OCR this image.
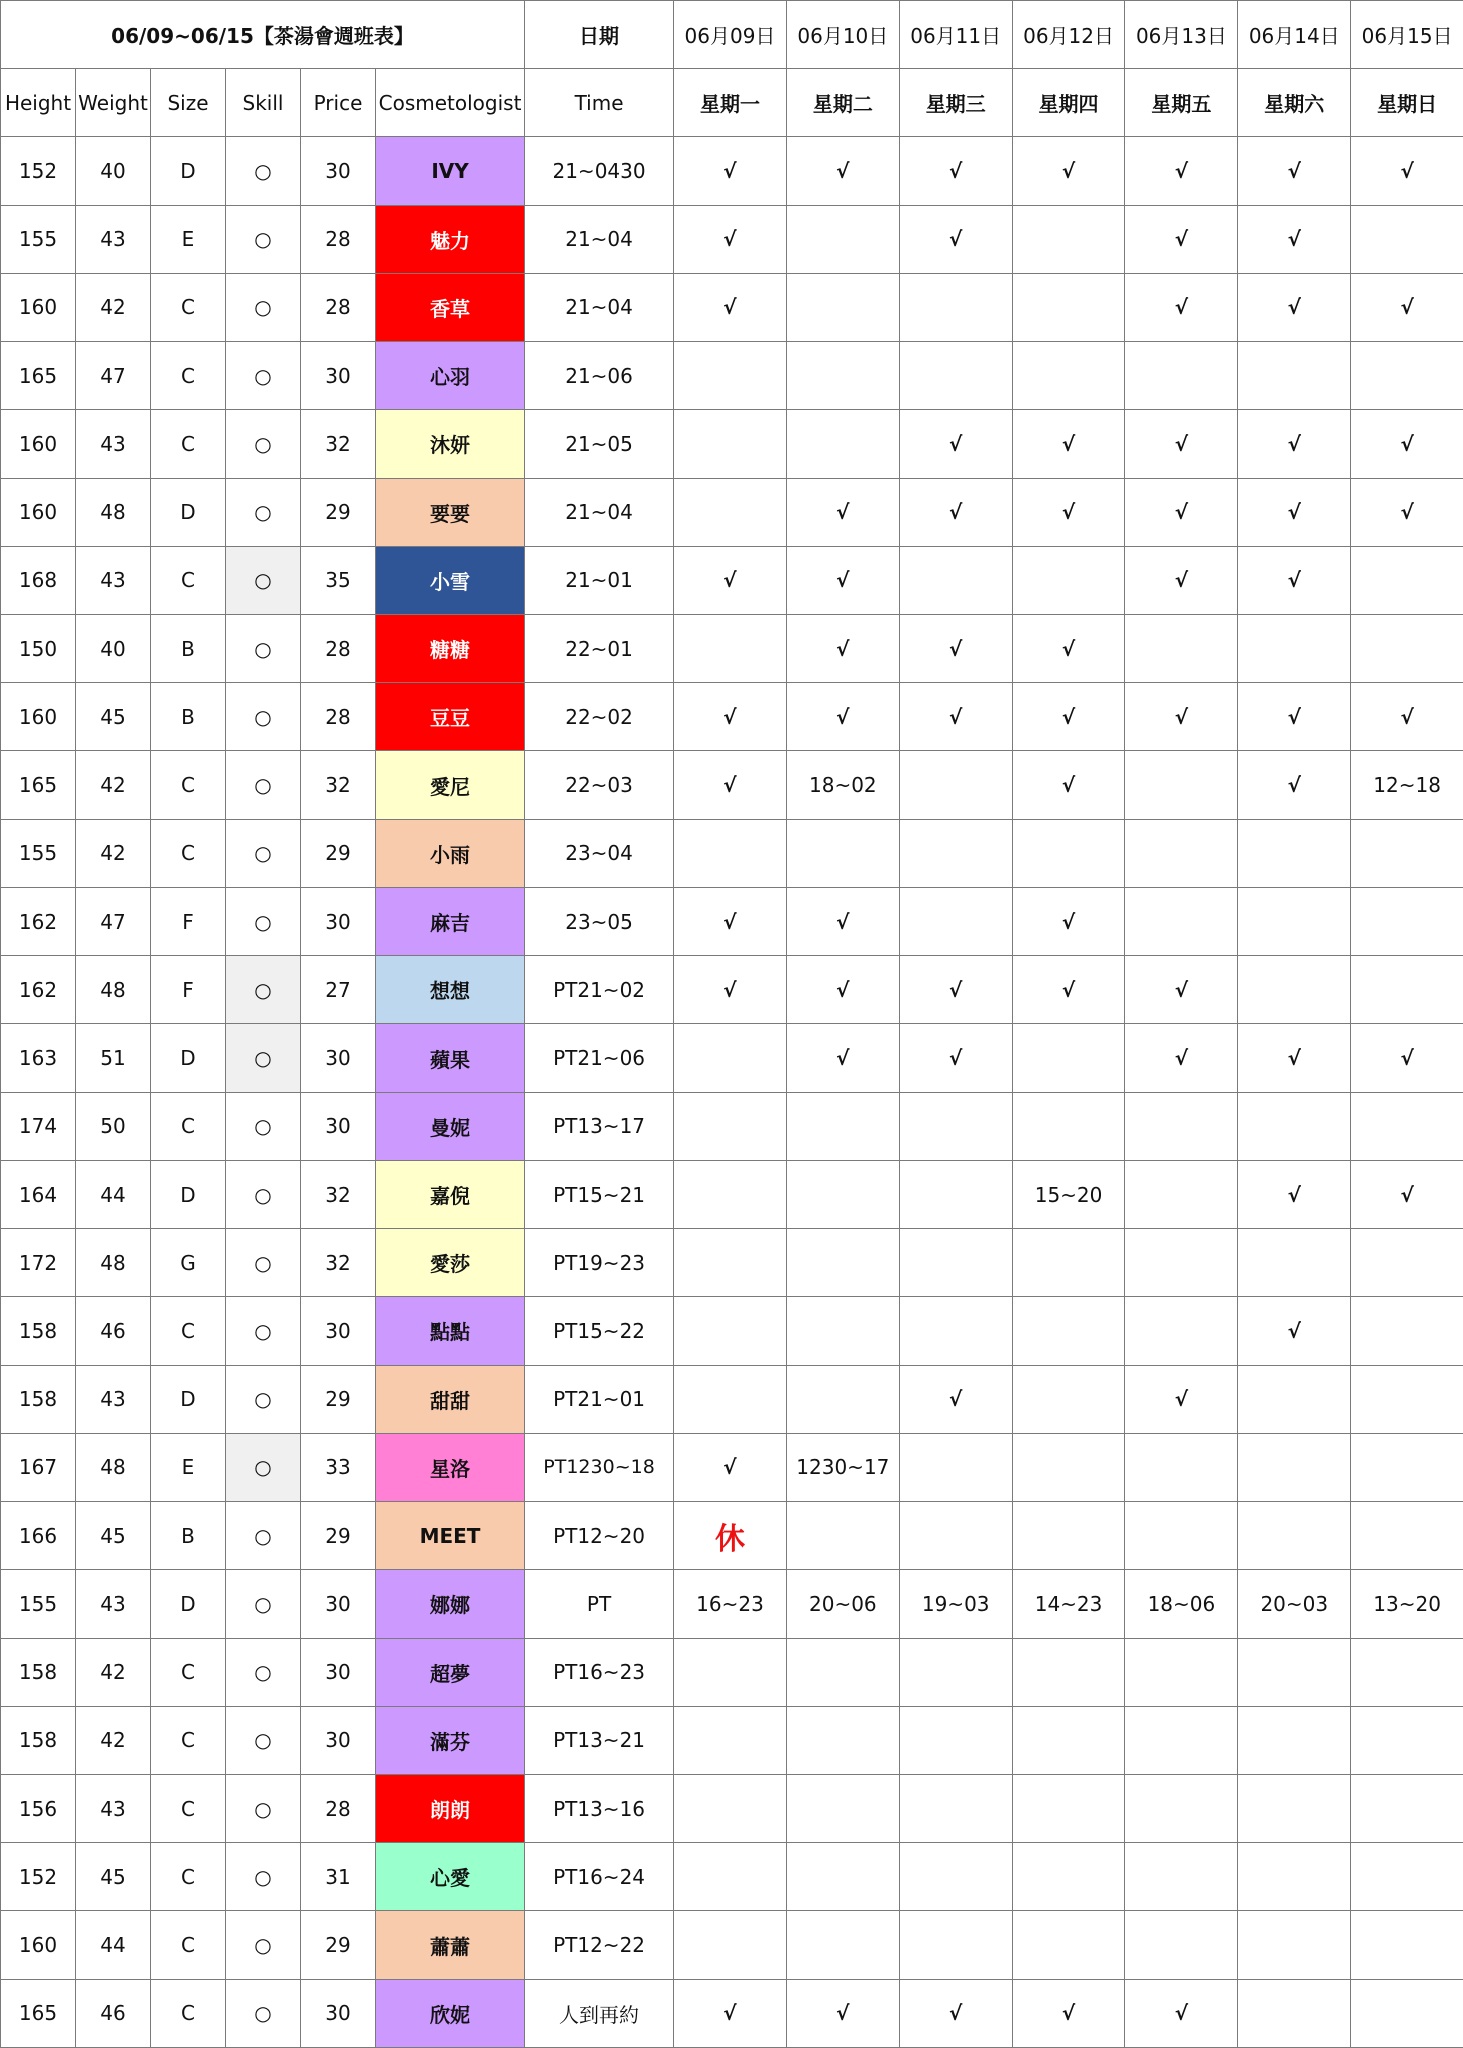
06/09~06/15【茶湯會週班表】						日期	06月09日	06月10日	06月11日	06月12日	06月13日	06月14日	06月15日
Height	Weight	Size	Skill	Price	Cosmetologist	Time	星期一	星期二	星期三	星期四	星期五	星期六	星期日
152	40	D	○	30	IVY	21~0430	√	√	√	√	√	√	√
155	43	E	○	28	魅力	21~04	√		√		√	√	
160	42	C	○	28	香草	21~04	√				√	√	√
165	47	C	○	30	心羽	21~06							
160	43	C	○	32	沐妍	21~05			√	√	√	√	√
160	48	D	○	29	要要	21~04		√	√	√	√	√	√
168	43	C	○	35	小雪	21~01	√	√			√	√	
150	40	B	○	28	糖糖	22~01		√	√	√			
160	45	B	○	28	豆豆	22~02	√	√	√	√	√	√	√
165	42	C	○	32	愛尼	22~03	√	18~02		√		√	12~18
155	42	C	○	29	小雨	23~04							
162	47	F	○	30	麻吉	23~05	√	√		√			
162	48	F	○	27	想想	PT21~02	√	√	√	√	√		
163	51	D	○	30	蘋果	PT21~06		√	√		√	√	√
174	50	C	○	30	曼妮	PT13~17							
164	44	D	○	32	嘉倪	PT15~21				15~20		√	√
172	48	G	○	32	愛莎	PT19~23							
158	46	C	○	30	點點	PT15~22						√	
158	43	D	○	29	甜甜	PT21~01			√		√		
167	48	E	○	33	星洛	PT1230~18	√	1230~17					
166	45	B	○	29	MEET	PT12~20	休						
155	43	D	○	30	娜娜	PT	16~23	20~06	19~03	14~23	18~06	20~03	13~20
158	42	C	○	30	超夢	PT16~23							
158	42	C	○	30	滿芬	PT13~21							
156	43	C	○	28	朗朗	PT13~16							
152	45	C	○	31	心愛	PT16~24							
160	44	C	○	29	蕭蕭	PT12~22							
165	46	C	○	30	欣妮	人到再約	√	√	√	√	√		
